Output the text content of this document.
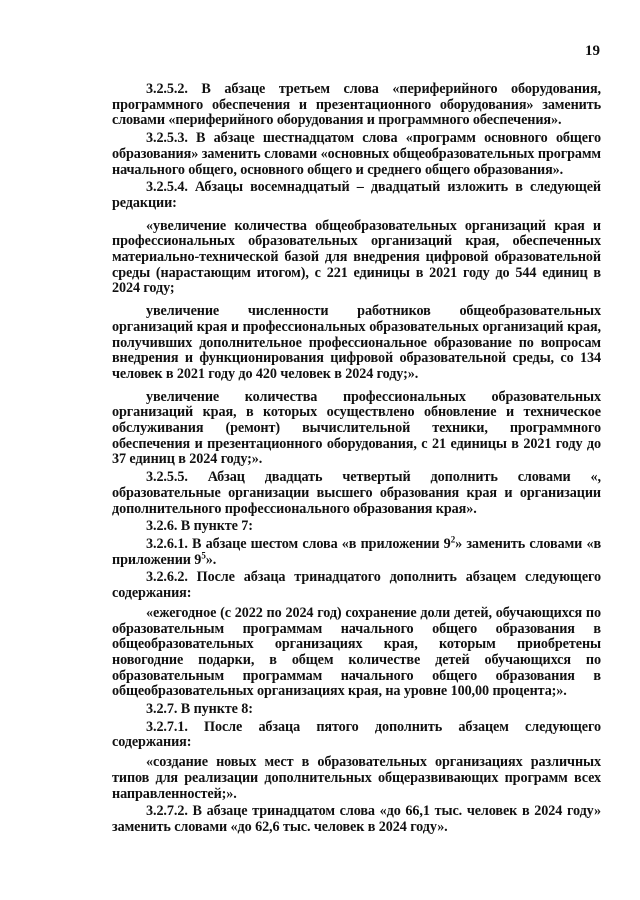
19

3.2.5.2. В абзаце третьем слова «периферийного оборудования, программного обеспечения и презентационного оборудования» заменить словами «периферийного оборудования и программного обеспечения».

3.2.5.3. В абзаце шестнадцатом слова «программ основного общего образования» заменить словами «основных общеобразовательных программ начального общего, основного общего и среднего общего образования».

3.2.5.4. Абзацы восемнадцатый – двадцатый изложить в следующей редакции:

«увеличение количества общеобразовательных организаций края и профессиональных образовательных организаций края, обеспеченных материально-технической базой для внедрения цифровой образовательной среды (нарастающим итогом), с 221 единицы в 2021 году до 544 единиц в 2024 году;

увеличение численности работников общеобразовательных организаций края и профессиональных образовательных организаций края, получивших дополнительное профессиональное образование по вопросам внедрения и функционирования цифровой образовательной среды, со 134 человек в 2021 году до 420 человек в 2024 году;».

увеличение количества профессиональных образовательных организаций края, в которых осуществлено обновление и техническое обслуживания (ремонт) вычислительной техники, программного обеспечения и презентационного оборудования, с 21 единицы в 2021 году до 37 единиц в 2024 году;».

3.2.5.5. Абзац двадцать четвертый дополнить словами «, образовательные организации высшего образования края и организации дополнительного профессионального образования края».

3.2.6. В пункте 7:

3.2.6.1. В абзаце шестом слова «в приложении $9^2$» заменить словами «в приложении $9^5$».

3.2.6.2. После абзаца тринадцатого дополнить абзацем следующего содержания:

«ежегодное (с 2022 по 2024 год) сохранение доли детей, обучающихся по образовательным программам начального общего образования в общеобразовательных организациях края, которым приобретены новогодние подарки, в общем количестве детей обучающихся по образовательным программам начального общего образования в общеобразовательных организациях края, на уровне 100,00 процента;».

3.2.7. В пункте 8:

3.2.7.1. После абзаца пятого дополнить абзацем следующего содержания:

«создание новых мест в образовательных организациях различных типов для реализации дополнительных общеразвивающих программ всех направленностей;».

3.2.7.2. В абзаце тринадцатом слова «до 66,1 тыс. человек в 2024 году» заменить словами «до 62,6 тыс. человек в 2024 году».
